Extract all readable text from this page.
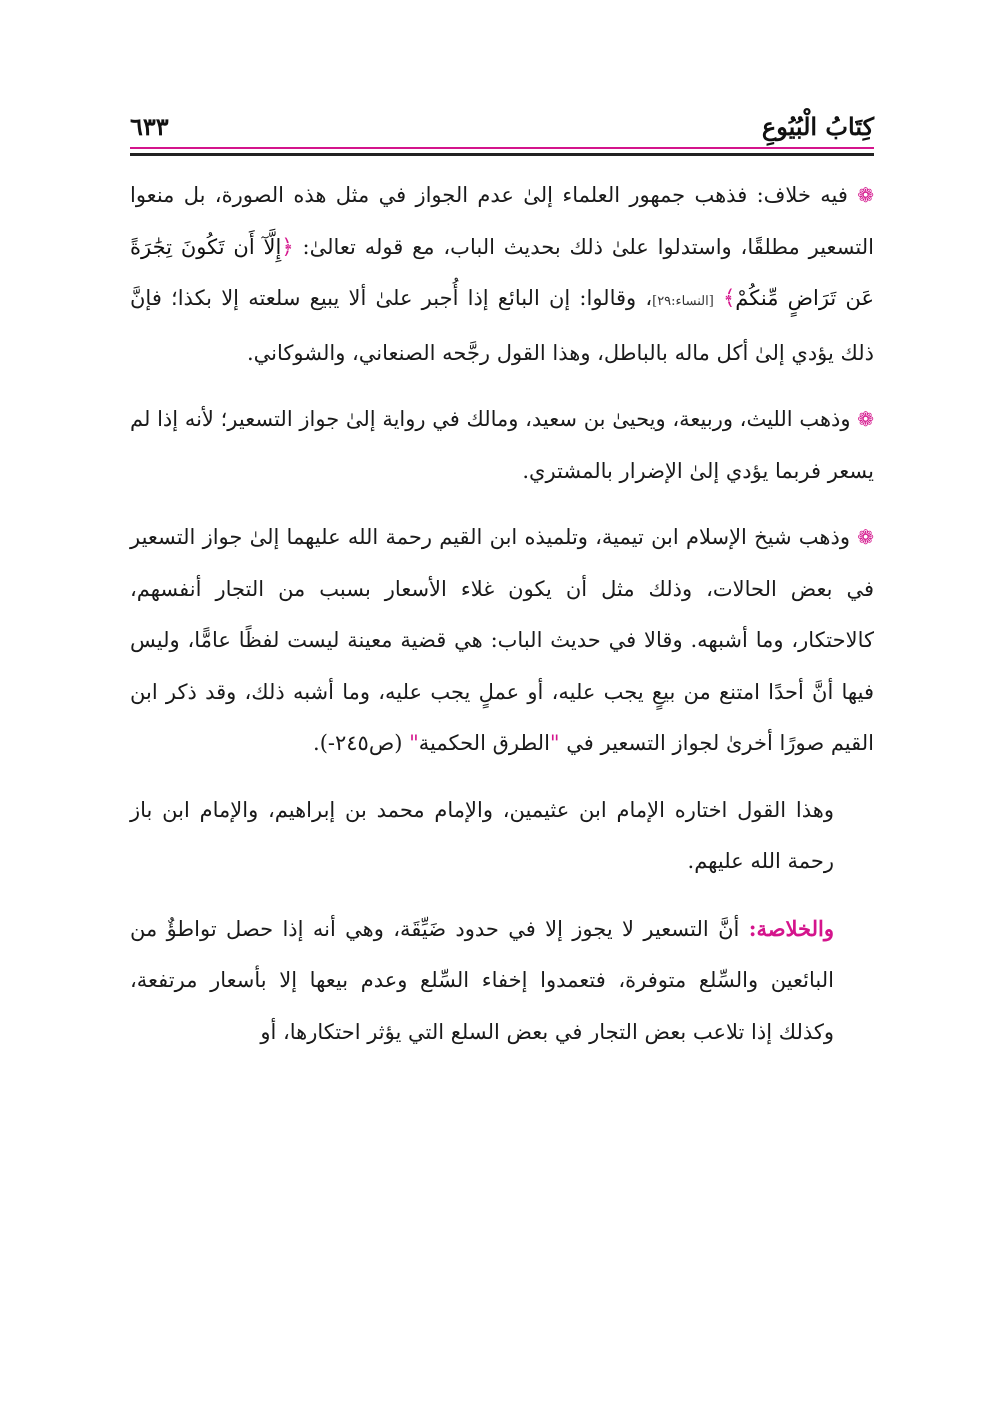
كِتَابُ الْبُيُوعِ
٦٣٣

❁ فيه خلاف: فذهب جمهور العلماء إلىٰ عدم الجواز في مثل هذه الصورة، بل منعوا التسعير مطلقًا، واستدلوا علىٰ ذلك بحديث الباب، مع قوله تعالىٰ: ﴿إِلَّآ أَن تَكُونَ تِجَٰرَةً عَن تَرَاضٍ مِّنكُمْ﴾ [النساء:٢٩]، وقالوا: إن البائع إذا أُجبر علىٰ ألا يبيع سلعته إلا بكذا؛ فإنَّ ذلك يؤدي إلىٰ أكل ماله بالباطل، وهذا القول رجَّحه الصنعاني، والشوكاني.

❁ وذهب الليث، وربيعة، ويحيىٰ بن سعيد، ومالك في رواية إلىٰ جواز التسعير؛ لأنه إذا لم يسعر فربما يؤدي إلىٰ الإضرار بالمشتري.

❁ وذهب شيخ الإسلام ابن تيمية، وتلميذه ابن القيم رحمة الله عليهما إلىٰ جواز التسعير في بعض الحالات، وذلك مثل أن يكون غلاء الأسعار بسبب من التجار أنفسهم، كالاحتكار، وما أشبهه. وقالا في حديث الباب: هي قضية معينة ليست لفظًا عامًّا، وليس فيها أنَّ أحدًا امتنع من بيعٍ يجب عليه، أو عملٍ يجب عليه، وما أشبه ذلك، وقد ذكر ابن القيم صورًا أخرىٰ لجواز التسعير في "الطرق الحكمية" (ص٢٤٥-).

وهذا القول اختاره الإمام ابن عثيمين، والإمام محمد بن إبراهيم، والإمام ابن باز رحمة الله عليهم.

والخلاصة: أنَّ التسعير لا يجوز إلا في حدود ضَيِّقَة، وهي أنه إذا حصل تواطؤٌ من البائعين والسِّلع متوفرة، فتعمدوا إخفاء السِّلع وعدم بيعها إلا بأسعار مرتفعة، وكذلك إذا تلاعب بعض التجار في بعض السلع التي يؤثر احتكارها، أو
